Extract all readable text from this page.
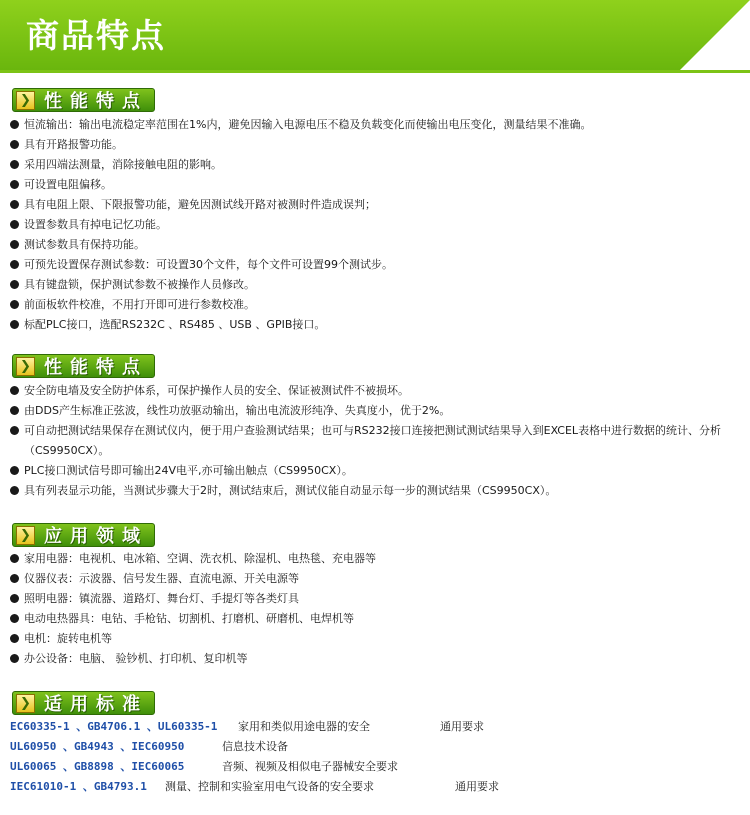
商品特点
❯ 性能特点
恒流输出：输出电流稳定率范围在1%内，避免因输入电源电压不稳及负载变化而使输出电压变化，测量结果不准确。
具有开路报警功能。
采用四端法测量，消除接触电阻的影响。
可设置电阻偏移。
具有电阻上限、下限报警功能，避免因测试线开路对被测时件造成误判；
设置参数具有掉电记忆功能。
测试参数具有保持功能。
可预先设置保存测试参数：可设置30个文件，每个文件可设置99个测试步。
具有键盘锁，保护测试参数不被操作人员修改。
前面板软件校准，不用打开即可进行参数校准。
标配PLC接口，选配RS232C 、RS485 、USB 、GPIB接口。
❯ 性能特点
安全防电墙及安全防护体系，可保护操作人员的安全、保证被测试件不被损坏。
由DDS产生标准正弦波，线性功放驱动输出，输出电流波形纯净、失真度小，优于2%。
可自动把测试结果保存在测试仪内，便于用户查验测试结果；也可与RS232接口连接把测试测试结果导入到EXCEL表格中进行数据的统计、分析（CS9950CX）。
PLC接口测试信号即可输出24V电平,亦可输出触点（CS9950CX）。
具有列表显示功能，当测试步骤大于2时，测试结束后，测试仪能自动显示每一步的测试结果（CS9950CX）。
❯ 应用领域
家用电器：电视机、电冰箱、空调、洗衣机、除湿机、电热毯、充电器等
仪器仪表：示波器、信号发生器、直流电源、开关电源等
照明电器：镇流器、道路灯、舞台灯、手提灯等各类灯具
电动电热器具：电钻、手枪钻、切割机、打磨机、研磨机、电焊机等
电机：旋转电机等
办公设备：电脑、 验钞机、打印机、复印机等
❯ 适用标准
EC60335-1 、GB4706.1 、UL60335-1 家用和类似用途电器的安全	通用要求
UL60950 、GB4943 、IEC60950	信息技术设备
UL60065 、GB8898 、IEC60065	音频、视频及相似电子器械安全要求
IEC61010-1 、GB4793.1 测量、控制和实验室用电气设备的安全要求	通用要求
